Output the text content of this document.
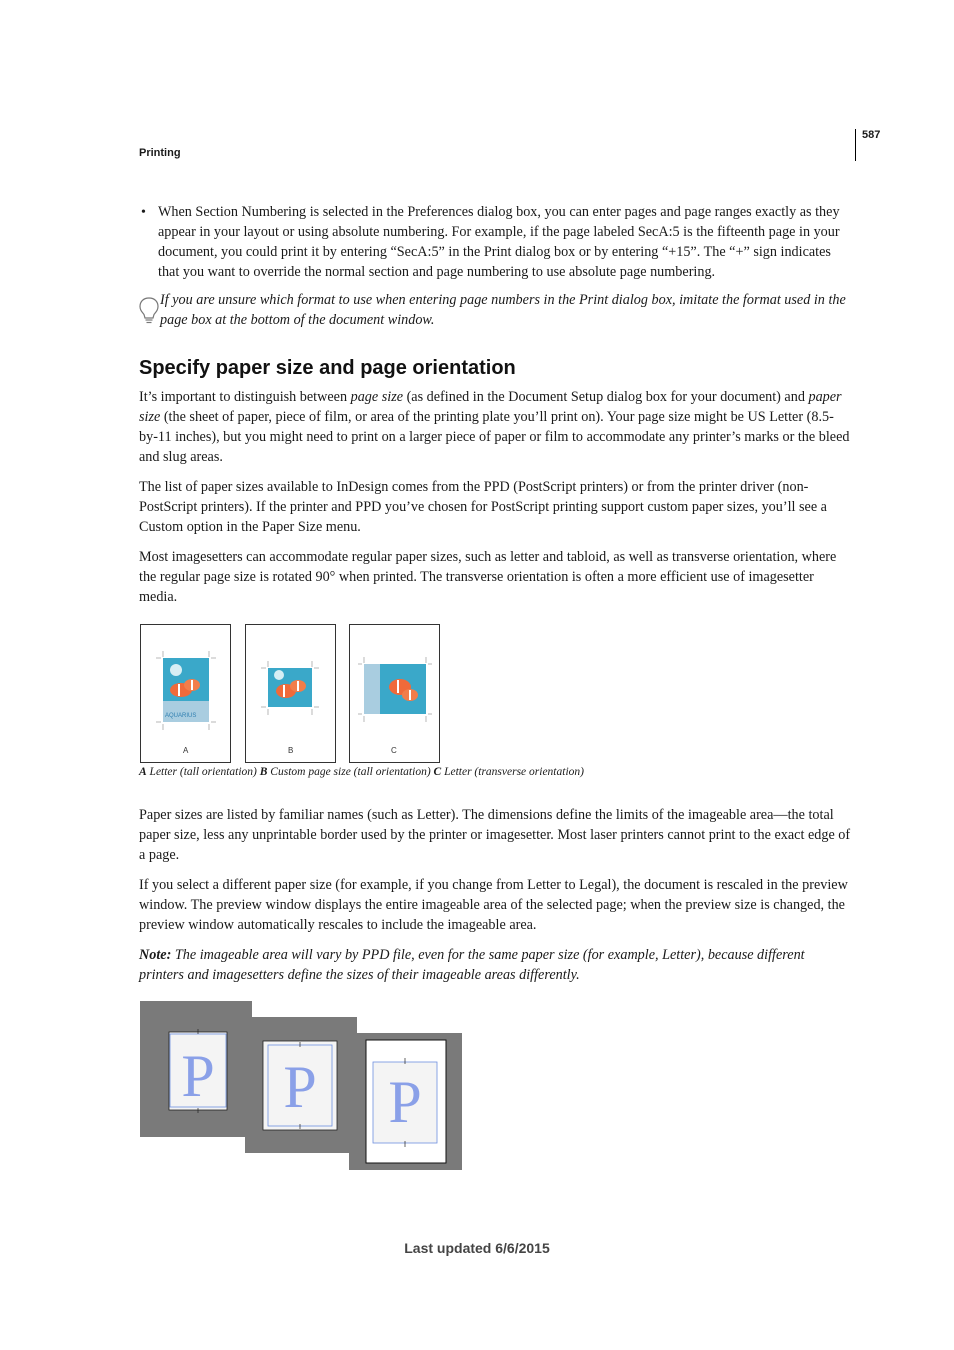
Printing
587
• When Section Numbering is selected in the Preferences dialog box, you can enter pages and page ranges exactly as they appear in your layout or using absolute numbering. For example, if the page labeled SecA:5 is the fifteenth page in your document, you could print it by entering “SecA:5” in the Print dialog box or by entering “+15”. The “+” sign indicates that you want to override the normal section and page numbering to use absolute page numbering.
If you are unsure which format to use when entering page numbers in the Print dialog box, imitate the format used in the page box at the bottom of the document window.
Specify paper size and page orientation
It’s important to distinguish between page size (as defined in the Document Setup dialog box for your document) and paper size (the sheet of paper, piece of film, or area of the printing plate you’ll print on). Your page size might be US Letter (8.5-by-11 inches), but you might need to print on a larger piece of paper or film to accommodate any printer’s marks or the bleed and slug areas.
The list of paper sizes available to InDesign comes from the PPD (PostScript printers) or from the printer driver (non-PostScript printers). If the printer and PPD you’ve chosen for PostScript printing support custom paper sizes, you’ll see a Custom option in the Paper Size menu.
Most imagesetters can accommodate regular paper sizes, such as letter and tabloid, as well as transverse orientation, where the regular page size is rotated 90° when printed. The transverse orientation is often a more efficient use of imagesetter media.
AQUARIUS
A	B	C
A Letter (tall orientation) B Custom page size (tall orientation) C Letter (transverse orientation)
Paper sizes are listed by familiar names (such as Letter). The dimensions define the limits of the imageable area—the total paper size, less any unprintable border used by the printer or imagesetter. Most laser printers cannot print to the exact edge of a page.
If you select a different paper size (for example, if you change from Letter to Legal), the document is rescaled in the preview window. The preview window displays the entire imageable area of the selected page; when the preview size is changed, the preview window automatically rescales to include the imageable area.
Note: The imageable area will vary by PPD file, even for the same paper size (for example, Letter), because different printers and imagesetters define the sizes of their imageable areas differently.
P P P
Last updated 6/6/2015
